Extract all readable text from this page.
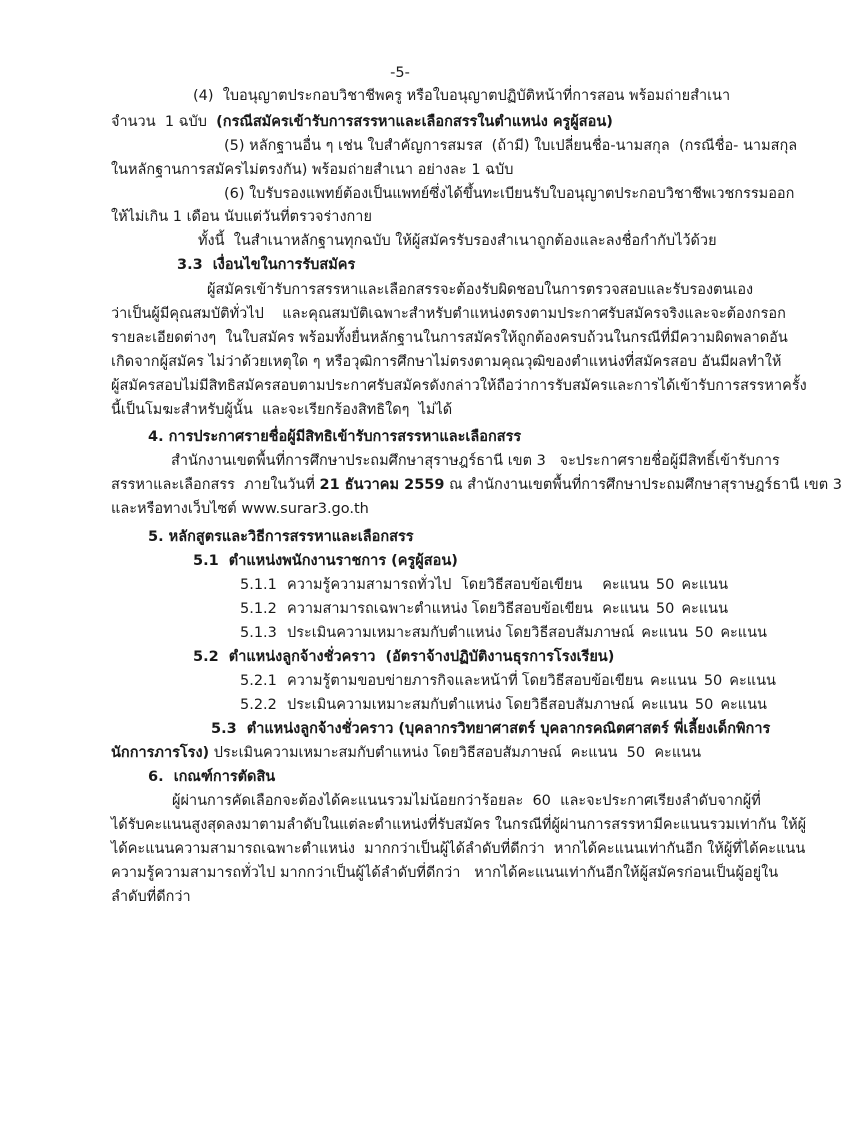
-5-
(4)  ใบอนุญาตประกอบวิชาชีพครู หรือใบอนุญาตปฏิบัติหน้าที่การสอน พร้อมถ่ายสำเนา
จำนวน  1 ฉบับ  (กรณีสมัครเข้ารับการสรรหาและเลือกสรรในตำแหน่ง ครูผู้สอน)
(5) หลักฐานอื่น ๆ เช่น ใบสำคัญการสมรส  (ถ้ามี) ใบเปลี่ยนชื่อ-นามสกุล  (กรณีชื่อ- นามสกุล
ในหลักฐานการสมัครไม่ตรงกัน) พร้อมถ่ายสำเนา อย่างละ 1 ฉบับ
(6) ใบรับรองแพทย์ต้องเป็นแพทย์ซึ่งได้ขึ้นทะเบียนรับใบอนุญาตประกอบวิชาชีพเวชกรรมออก
ให้ไม่เกิน 1 เดือน นับแต่วันที่ตรวจร่างกาย
ทั้งนี้  ในสำเนาหลักฐานทุกฉบับ ให้ผู้สมัครรับรองสำเนาถูกต้องและลงชื่อกำกับไว้ด้วย
3.3  เงื่อนไขในการรับสมัคร
ผู้สมัครเข้ารับการสรรหาและเลือกสรรจะต้องรับผิดชอบในการตรวจสอบและรับรองตนเอง
ว่าเป็นผู้มีคุณสมบัติทั่วไป    และคุณสมบัติเฉพาะสำหรับตำแหน่งตรงตามประกาศรับสมัครจริงและจะต้องกรอก
รายละเอียดต่างๆ  ในใบสมัคร พร้อมทั้งยื่นหลักฐานในการสมัครให้ถูกต้องครบถ้วนในกรณีที่มีความผิดพลาดอัน
เกิดจากผู้สมัคร ไม่ว่าด้วยเหตุใด ๆ หรือวุฒิการศึกษาไม่ตรงตามคุณวุฒิของตำแหน่งที่สมัครสอบ อันมีผลทำให้
ผู้สมัครสอบไม่มีสิทธิสมัครสอบตามประกาศรับสมัครดังกล่าวให้ถือว่าการรับสมัครและการได้เข้ารับการสรรหาครั้ง
นี้เป็นโมฆะสำหรับผู้นั้น  และจะเรียกร้องสิทธิใดๆ  ไม่ได้
4. การประกาศรายชื่อผู้มีสิทธิเข้ารับการสรรหาและเลือกสรร
สำนักงานเขตพื้นที่การศึกษาประถมศึกษาสุราษฎร์ธานี เขต 3   จะประกาศรายชื่อผู้มีสิทธิ์เข้ารับการ
สรรหาและเลือกสรร  ภายในวันที่ 21 ธันวาคม 2559 ณ สำนักงานเขตพื้นที่การศึกษาประถมศึกษาสุราษฎร์ธานี เขต 3
และหรือทางเว็บไซต์ www.surar3.go.th
5. หลักสูตรและวิธีการสรรหาและเลือกสรร
5.1  ตำแหน่งพนักงานราชการ (ครูผู้สอน)
5.1.1 ความรู้ความสามารถทั่วไป โดยวิธีสอบข้อเขียน คะแนน 50 คะแนน
5.1.2 ความสามารถเฉพาะตำแหน่ง โดยวิธีสอบข้อเขียน คะแนน 50 คะแนน
5.1.3 ประเมินความเหมาะสมกับตำแหน่ง โดยวิธีสอบสัมภาษณ์ คะแนน 50 คะแนน
5.2  ตำแหน่งลูกจ้างชั่วคราว  (อัตราจ้างปฏิบัติงานธุรการโรงเรียน)
5.2.1 ความรู้ตามขอบข่ายภารกิจและหน้าที่ โดยวิธีสอบข้อเขียน คะแนน 50 คะแนน
5.2.2 ประเมินความเหมาะสมกับตำแหน่ง โดยวิธีสอบสัมภาษณ์ คะแนน 50 คะแนน
5.3  ตำแหน่งลูกจ้างชั่วคราว (บุคลากรวิทยาศาสตร์ บุคลากรคณิตศาสตร์ พี่เลี้ยงเด็กพิการ
นักการภารโรง) ประเมินความเหมาะสมกับตำแหน่ง โดยวิธีสอบสัมภาษณ์  คะแนน  50  คะแนน
6.  เกณฑ์การตัดสิน
ผู้ผ่านการคัดเลือกจะต้องได้คะแนนรวมไม่น้อยกว่าร้อยละ  60  และจะประกาศเรียงลำดับจากผู้ที่
ได้รับคะแนนสูงสุดลงมาตามลำดับในแต่ละตำแหน่งที่รับสมัคร ในกรณีที่ผู้ผ่านการสรรหามีคะแนนรวมเท่ากัน ให้ผู้
ได้คะแนนความสามารถเฉพาะตำแหน่ง  มากกว่าเป็นผู้ได้ลำดับที่ดีกว่า  หากได้คะแนนเท่ากันอีก ให้ผู้ที่ได้คะแนน
ความรู้ความสามารถทั่วไป มากกว่าเป็นผู้ได้ลำดับที่ดีกว่า   หากได้คะแนนเท่ากันอีกให้ผู้สมัครก่อนเป็นผู้อยู่ใน
ลำดับที่ดีกว่า
